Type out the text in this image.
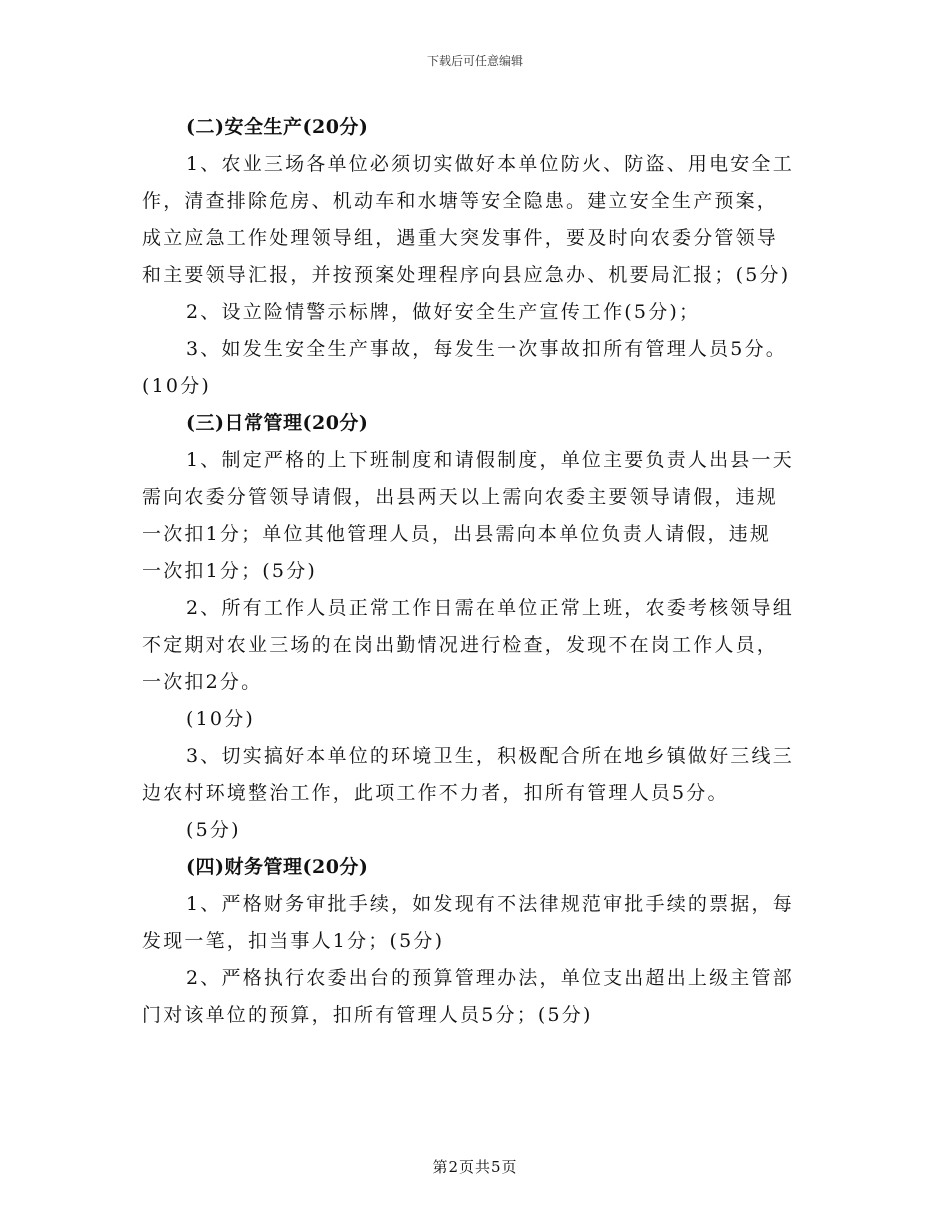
下载后可任意编辑
(二)安全生产(20分)
1、农业三场各单位必须切实做好本单位防火、防盗、用电安全工
作，清查排除危房、机动车和水塘等安全隐患。建立安全生产预案，
成立应急工作处理领导组，遇重大突发事件，要及时向农委分管领导
和主要领导汇报，并按预案处理程序向县应急办、机要局汇报；(5分)
2、设立险情警示标牌，做好安全生产宣传工作(5分)；
3、如发生安全生产事故，每发生一次事故扣所有管理人员5分。
(10分)
(三)日常管理(20分)
1、制定严格的上下班制度和请假制度，单位主要负责人出县一天
需向农委分管领导请假，出县两天以上需向农委主要领导请假，违规
一次扣1分；单位其他管理人员，出县需向本单位负责人请假，违规
一次扣1分；(5分)
2、所有工作人员正常工作日需在单位正常上班，农委考核领导组
不定期对农业三场的在岗出勤情况进行检查，发现不在岗工作人员，
一次扣2分。
(10分)
3、切实搞好本单位的环境卫生，积极配合所在地乡镇做好三线三
边农村环境整治工作，此项工作不力者，扣所有管理人员5分。
(5分)
(四)财务管理(20分)
1、严格财务审批手续，如发现有不法律规范审批手续的票据，每
发现一笔，扣当事人1分；(5分)
2、严格执行农委出台的预算管理办法，单位支出超出上级主管部
门对该单位的预算，扣所有管理人员5分；(5分)
第2页共5页
